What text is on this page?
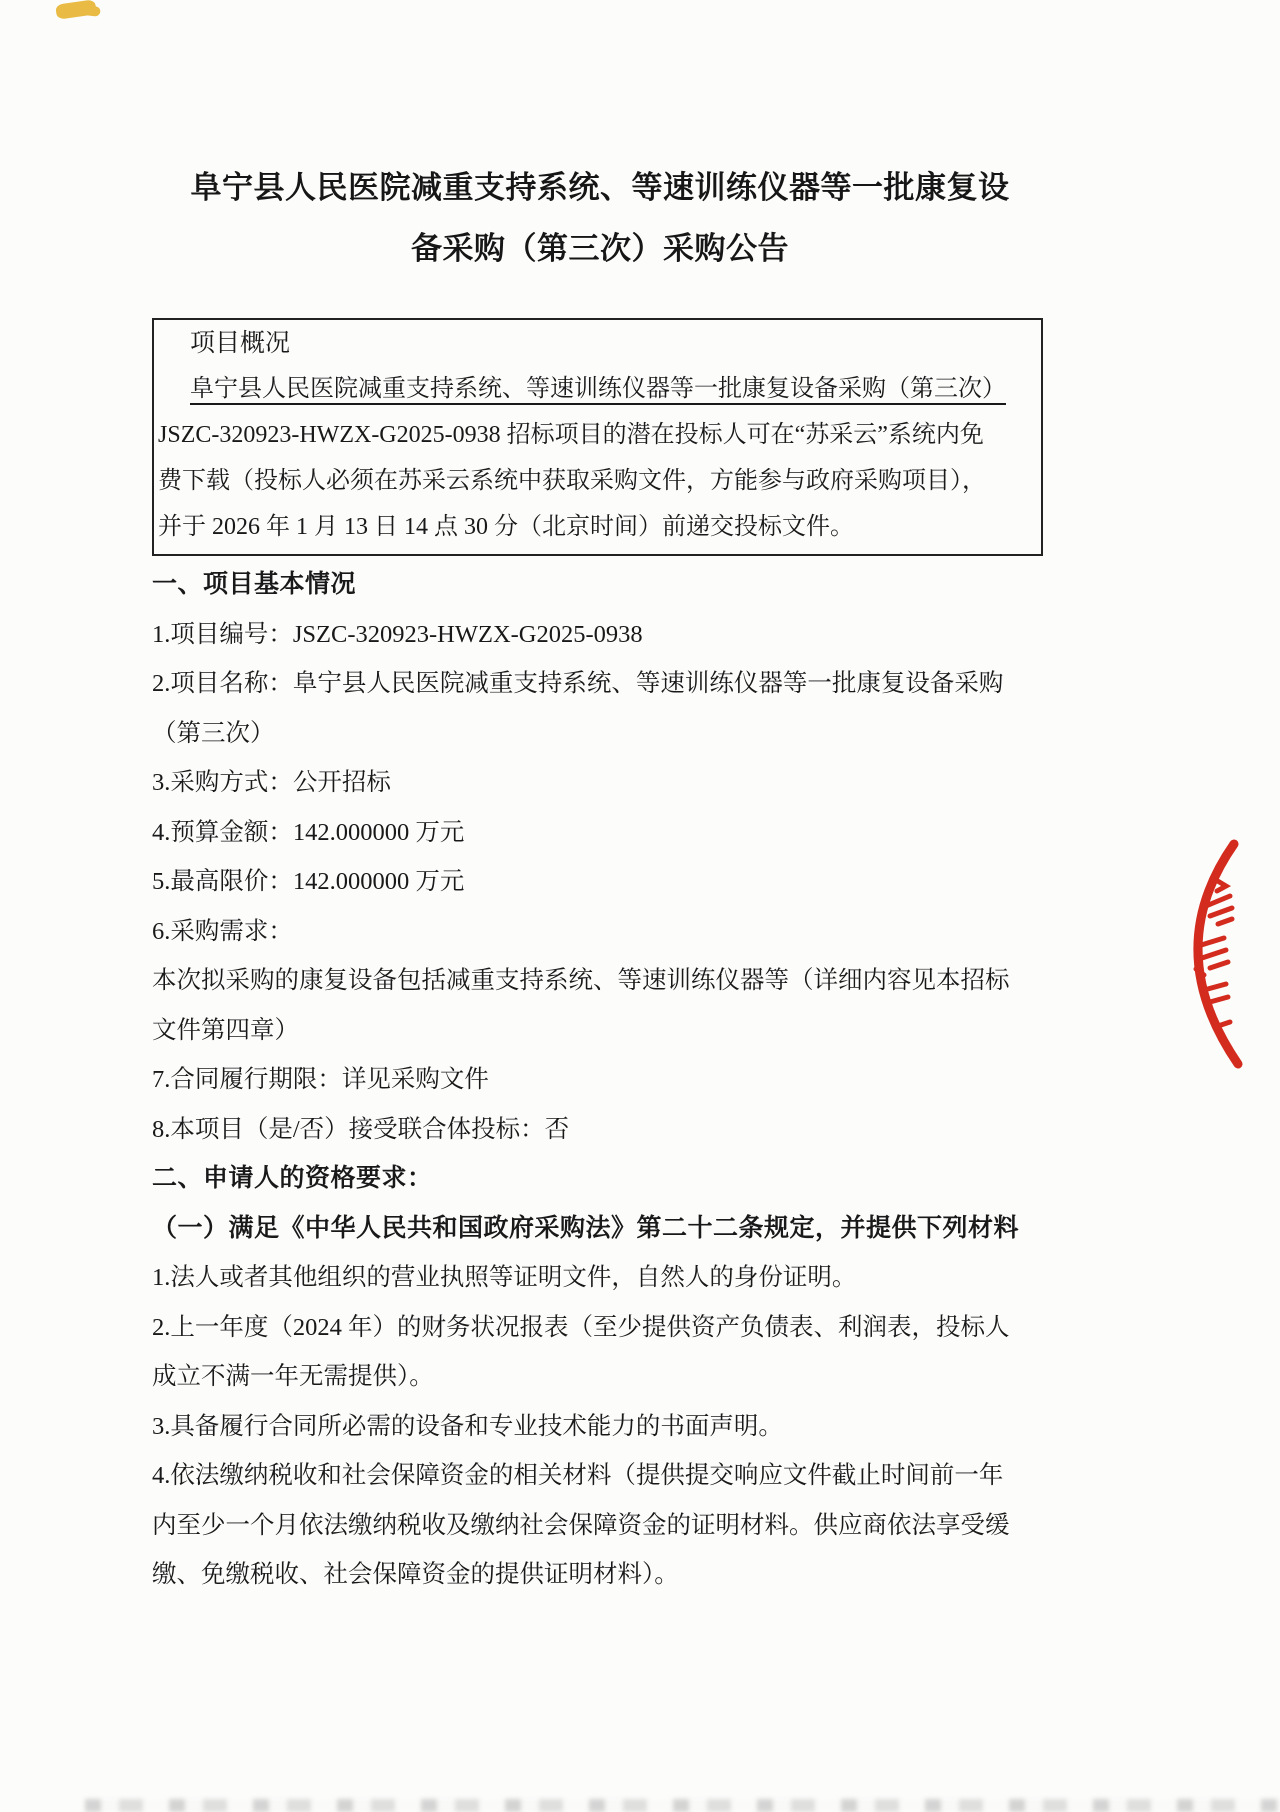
阜宁县人民医院减重支持系统、等速训练仪器等一批康复设
备采购（第三次）采购公告
项目概况
阜宁县人民医院减重支持系统、等速训练仪器等一批康复设备采购（第三次）
JSZC-320923-HWZX-G2025-0938 招标项目的潜在投标人可在“苏采云”系统内免
费下载（投标人必须在苏采云系统中获取采购文件，方能参与政府采购项目），
并于 2026 年 1 月 13 日 14 点 30 分（北京时间）前递交投标文件。
一、项目基本情况
1.项目编号：JSZC-320923-HWZX-G2025-0938
2.项目名称：阜宁县人民医院减重支持系统、等速训练仪器等一批康复设备采购
（第三次）
3.采购方式：公开招标
4.预算金额：142.000000 万元
5.最高限价：142.000000 万元
6.采购需求：
本次拟采购的康复设备包括减重支持系统、等速训练仪器等（详细内容见本招标
文件第四章）
7.合同履行期限：详见采购文件
8.本项目（是/否）接受联合体投标：否
二、申请人的资格要求：
（一）满足《中华人民共和国政府采购法》第二十二条规定，并提供下列材料
1.法人或者其他组织的营业执照等证明文件，自然人的身份证明。
2.上一年度（2024 年）的财务状况报表（至少提供资产负债表、利润表，投标人
成立不满一年无需提供）。
3.具备履行合同所必需的设备和专业技术能力的书面声明。
4.依法缴纳税收和社会保障资金的相关材料（提供提交响应文件截止时间前一年
内至少一个月依法缴纳税收及缴纳社会保障资金的证明材料。供应商依法享受缓
缴、免缴税收、社会保障资金的提供证明材料）。
